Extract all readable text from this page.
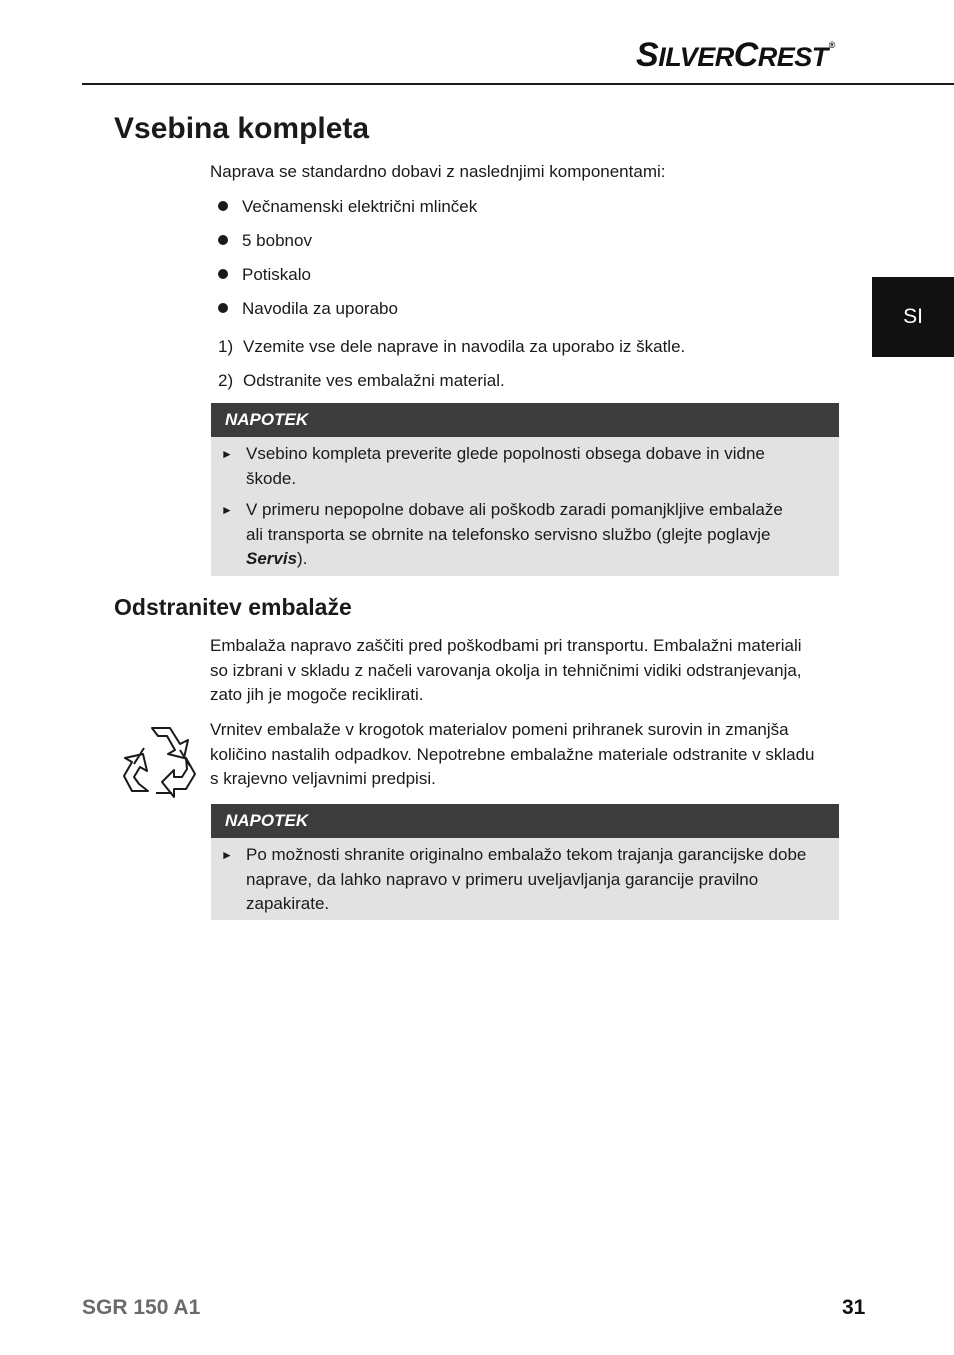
SILVERCREST®
SI
Vsebina kompleta
Naprava se standardno dobavi z naslednjimi komponentami:
Večnamenski električni mlinček
5 bobnov
Potiskalo
Navodila za uporabo
1) Vzemite vse dele naprave in navodila za uporabo iz škatle.
2) Odstranite ves embalažni material.
NAPOTEK
► Vsebino kompleta preverite glede popolnosti obsega dobave in vidne
škode.
► V primeru nepopolne dobave ali poškodb zaradi pomanjkljive embalaže
ali transporta se obrnite na telefonsko servisno službo (glejte poglavje
Servis).
Odstranitev embalaže
Embalaža napravo zaščiti pred poškodbami pri transportu. Embalažni materiali
so izbrani v skladu z načeli varovanja okolja in tehničnimi vidiki odstranjevanja,
zato jih je mogoče reciklirati.
Vrnitev embalaže v krogotok materialov pomeni prihranek surovin in zmanjša
količino nastalih odpadkov. Nepotrebne embalažne materiale odstranite v skladu
s krajevno veljavnimi predpisi.
NAPOTEK
► Po možnosti shranite originalno embalažo tekom trajanja garancijske dobe
naprave, da lahko napravo v primeru uveljavljanja garancije pravilno
zapakirate.
SGR 150 A1	31
